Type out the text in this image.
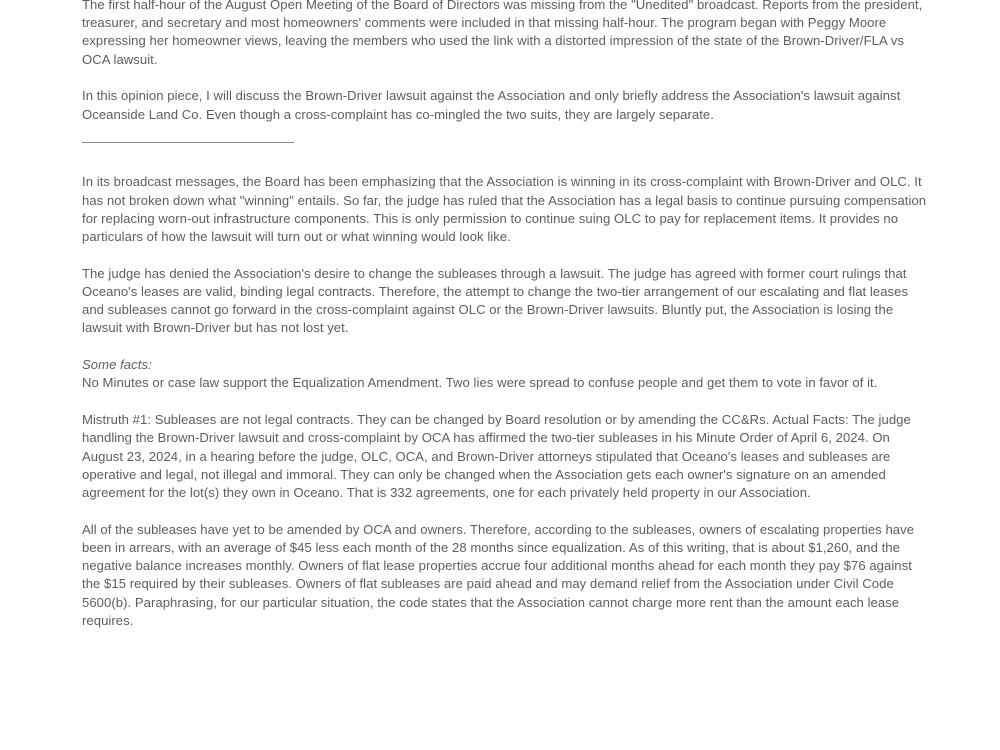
The first half-hour of the August Open Meeting of the Board of Directors was missing from the "Unedited" broadcast. Reports from the president, treasurer, and secretary and most homeowners' comments were included in that missing half-hour. The program began with Peggy Moore expressing her homeowner views, leaving the members who used the link with a distorted impression of the state of the Brown-Driver/FLA vs OCA lawsuit.

In this opinion piece, I will discuss the Brown-Driver lawsuit against the Association and only briefly address the Association's lawsuit against Oceanside Land Co. Even though a cross-complaint has co-mingled the two suits, they are largely separate.

In its broadcast messages, the Board has been emphasizing that the Association is winning in its cross-complaint with Brown-Driver and OLC. It has not broken down what "winning" entails. So far, the judge has ruled that the Association has a legal basis to continue pursuing compensation for replacing worn-out infrastructure components. This is only permission to continue suing OLC to pay for replacement items. It provides no particulars of how the lawsuit will turn out or what winning would look like.

The judge has denied the Association's desire to change the subleases through a lawsuit. The judge has agreed with former court rulings that Oceano's leases are valid, binding legal contracts. Therefore, the attempt to change the two-tier arrangement of our escalating and flat leases and subleases cannot go forward in the cross-complaint against OLC or the Brown-Driver lawsuits. Bluntly put, the Association is losing the lawsuit with Brown-Driver but has not lost yet.

Some facts:
No Minutes or case law support the Equalization Amendment. Two lies were spread to confuse people and get them to vote in favor of it.

Mistruth #1: Subleases are not legal contracts. They can be changed by Board resolution or by amending the CC&Rs. Actual Facts: The judge handling the Brown-Driver lawsuit and cross-complaint by OCA has affirmed the two-tier subleases in his Minute Order of April 6, 2024. On August 23, 2024, in a hearing before the judge, OLC, OCA, and Brown-Driver attorneys stipulated that Oceano's leases and subleases are operative and legal, not illegal and immoral. They can only be changed when the Association gets each owner's signature on an amended agreement for the lot(s) they own in Oceano. That is 332 agreements, one for each privately held property in our Association.

All of the subleases have yet to be amended by OCA and owners. Therefore, according to the subleases, owners of escalating properties have been in arrears, with an average of $45 less each month of the 28 months since equalization. As of this writing, that is about $1,260, and the negative balance increases monthly. Owners of flat lease properties accrue four additional months ahead for each month they pay $76 against the $15 required by their subleases. Owners of flat subleases are paid ahead and may demand relief from the Association under Civil Code 5600(b). Paraphrasing, for our particular situation, the code states that the Association cannot charge more rent than the amount each lease requires.
